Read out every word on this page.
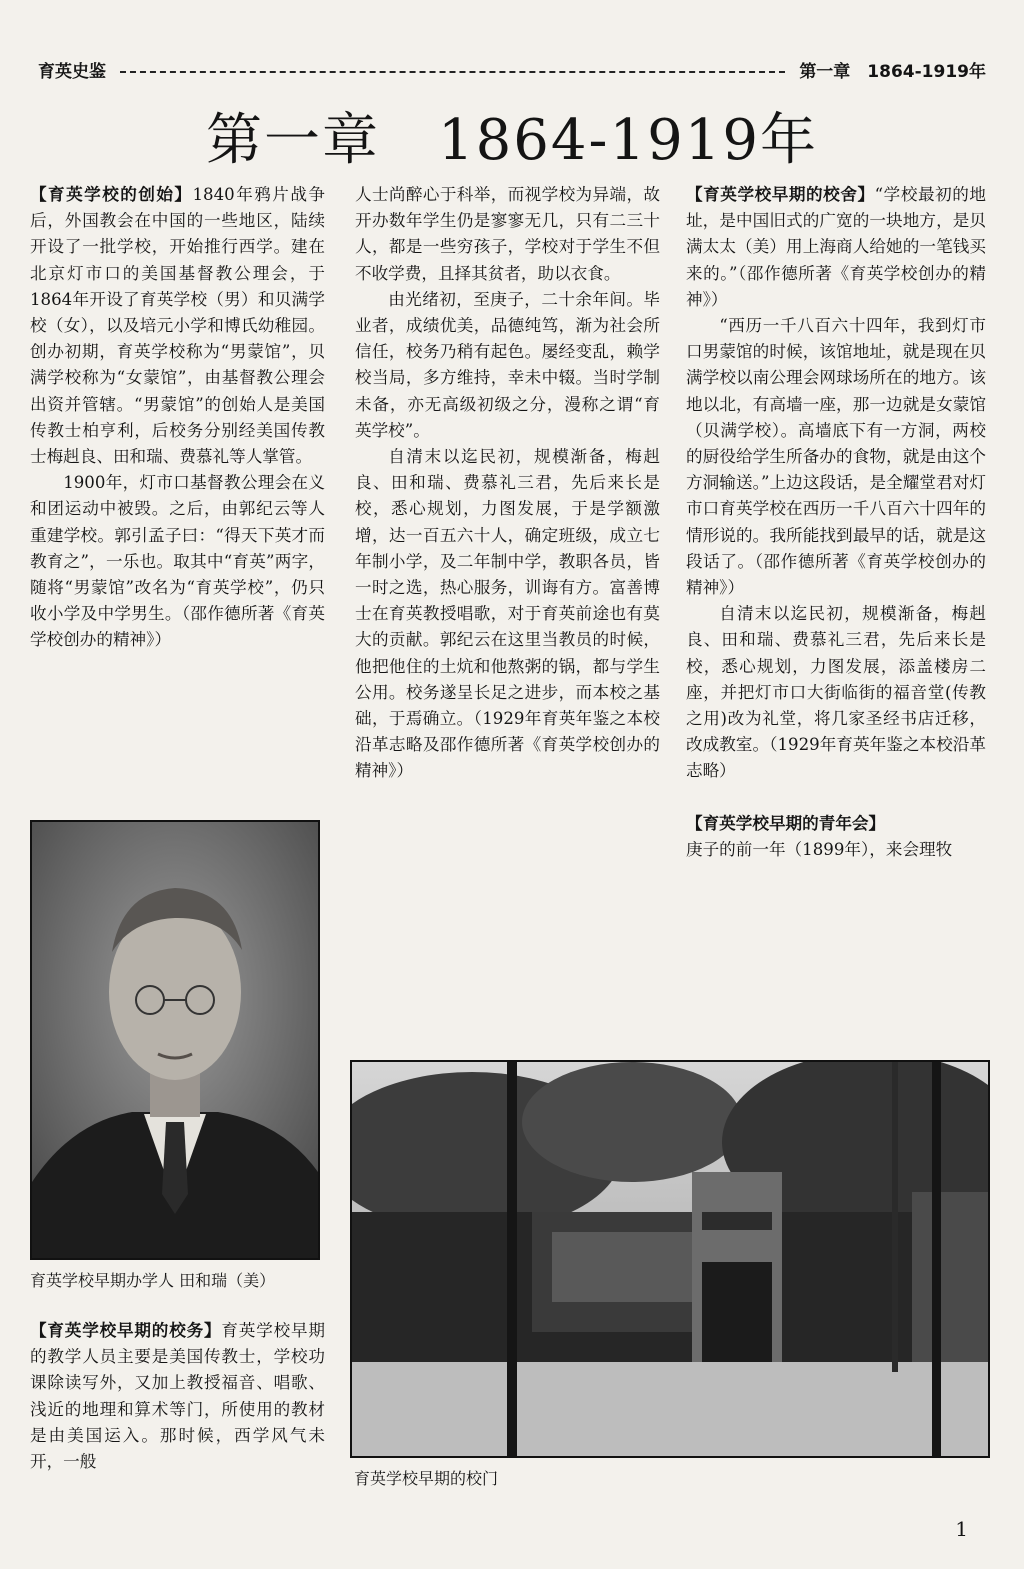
育英史鉴	第一章　1864-1919年
第一章　1864-1919年

【育英学校的创始】1840年鸦片战争后，外国教会在中国的一些地区，陆续开设了一批学校，开始推行西学。建在北京灯市口的美国基督教公理会，于1864年开设了育英学校（男）和贝满学校（女），以及培元小学和博氏幼稚园。创办初期，育英学校称为“男蒙馆”，贝满学校称为“女蒙馆”，由基督教公理会出资并管辖。“男蒙馆”的创始人是美国传教士柏亨利，后校务分别经美国传教士梅赳良、田和瑞、费慕礼等人掌管。

1900年，灯市口基督教公理会在义和团运动中被毁。之后，由郭纪云等人重建学校。郭引孟子曰：“得天下英才而教育之”，一乐也。取其中“育英”两字，随将“男蒙馆”改名为“育英学校”，仍只收小学及中学男生。（邵作德所著《育英学校创办的精神》）

育英学校早期办学人 田和瑞（美）

【育英学校早期的校务】育英学校早期的教学人员主要是美国传教士，学校功课除读写外，又加上教授福音、唱歌、浅近的地理和算术等门，所使用的教材是由美国运入。那时候，西学风气未开，一般

人士尚醉心于科举，而视学校为异端，故开办数年学生仍是寥寥无几，只有二三十人，都是一些穷孩子，学校对于学生不但不收学费，且择其贫者，助以衣食。

由光绪初，至庚子，二十余年间。毕业者，成绩优美，品德纯笃，渐为社会所信任，校务乃稍有起色。屡经变乱，赖学校当局，多方维持，幸未中辍。当时学制未备，亦无高级初级之分，漫称之谓“育英学校”。

自清末以迄民初，规模渐备，梅赳良、田和瑞、费慕礼三君，先后来长是校，悉心规划，力图发展，于是学额激增，达一百五六十人，确定班级，成立七年制小学，及二年制中学，教职各员，皆一时之选，热心服务，训诲有方。富善博士在育英教授唱歌，对于育英前途也有莫大的贡献。郭纪云在这里当教员的时候，他把他住的土炕和他熬粥的锅，都与学生公用。校务遂呈长足之进步，而本校之基础，于焉确立。（1929年育英年鉴之本校沿革志略及邵作德所著《育英学校创办的精神》）

【育英学校早期的校舍】“学校最初的地址，是中国旧式的广宽的一块地方，是贝满太太（美）用上海商人给她的一笔钱买来的。”（邵作德所著《育英学校创办的精神》）

“西历一千八百六十四年，我到灯市口男蒙馆的时候，该馆地址，就是现在贝满学校以南公理会网球场所在的地方。该地以北，有高墙一座，那一边就是女蒙馆（贝满学校）。高墙底下有一方洞，两校的厨役给学生所备办的食物，就是由这个方洞输送。”上边这段话，是全耀堂君对灯市口育英学校在西历一千八百六十四年的情形说的。我所能找到最早的话，就是这段话了。（邵作德所著《育英学校创办的精神》）

自清末以迄民初，规模渐备，梅赳良、田和瑞、费慕礼三君，先后来长是校，悉心规划，力图发展，添盖楼房二座，并把灯市口大街临街的福音堂(传教之用)改为礼堂，将几家圣经书店迁移，改成教室。（1929年育英年鉴之本校沿革志略）

【育英学校早期的青年会】

庚子的前一年（1899年），来会理牧

育英学校早期的校门
1
